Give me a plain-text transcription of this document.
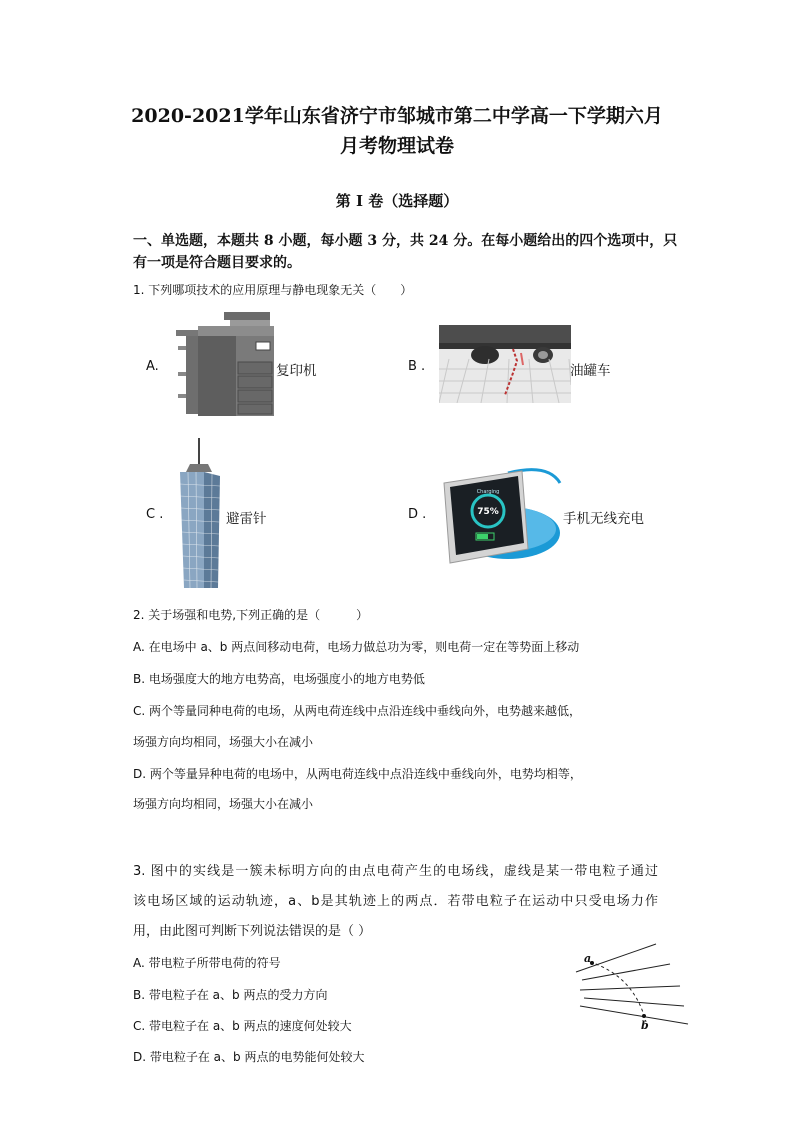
2020-2021学年山东省济宁市邹城市第二中学高一下学期六月
月考物理试卷
第 I 卷（选择题）
一、单选题，本题共 8 小题，每小题 3 分，共 24 分。在每小题给出的四个选项中，只
有一项是符合题目要求的。
1. 下列哪项技术的应用原理与静电现象无关（　　）
A.	复印机	B .	油罐车
C .	避雷针	D .
Charging
75%	手机无线充电
2. 关于场强和电势,下列正确的是（　　　）
A. 在电场中 a、b 两点间移动电荷，电场力做总功为零，则电荷一定在等势面上移动
B. 电场强度大的地方电势高，电场强度小的地方电势低
C. 两个等量同种电荷的电场，从两电荷连线中点沿连线中垂线向外，电势越来越低，
场强方向均相同，场强大小在减小
D. 两个等量异种电荷的电场中，从两电荷连线中点沿连线中垂线向外，电势均相等，
场强方向均相同，场强大小在减小
3. 图中的实线是一簇未标明方向的由点电荷产生的电场线，虚线是某一带电粒子通过
该电场区域的运动轨迹，a、b是其轨迹上的两点．若带电粒子在运动中只受电场力作
用，由此图可判断下列说法错误的是（ ）
A. 带电粒子所带电荷的符号
B. 带电粒子在 a、b 两点的受力方向
C. 带电粒子在 a、b 两点的速度何处较大
D. 带电粒子在 a、b 两点的电势能何处较大
a
b
